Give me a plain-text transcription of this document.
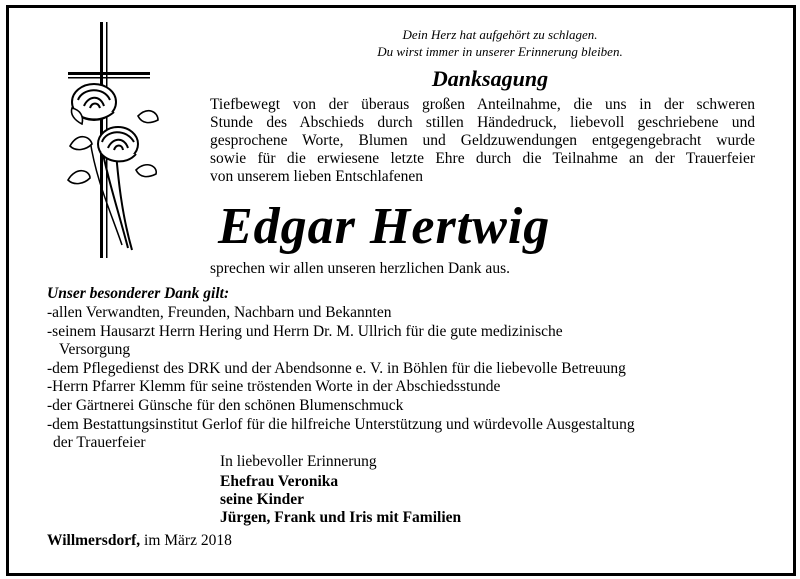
Dein Herz hat aufgehört zu schlagen.
Du wirst immer in unserer Erinnerung bleiben.
Danksagung
Tiefbewegt von der überaus großen Anteilnahme, die uns in der schweren
Stunde des Abschieds durch stillen Händedruck, liebevoll geschriebene und
gesprochene Worte, Blumen und Geldzuwendungen entgegengebracht wurde
sowie für die erwiesene letzte Ehre durch die Teilnahme an der Trauerfeier
von unserem lieben Entschlafenen
Edgar Hertwig
sprechen wir allen unseren herzlichen Dank aus.
Unser besonderer Dank gilt:
-allen Verwandten, Freunden, Nachbarn und Bekannten
-seinem Hausarzt Herrn Hering und Herrn Dr. M. Ullrich für die gute medizinische
Versorgung
-dem Pflegedienst des DRK und der Abendsonne e. V. in Böhlen für die liebevolle Betreuung
-Herrn Pfarrer Klemm für seine tröstenden Worte in der Abschiedsstunde
-der Gärtnerei Günsche für den schönen Blumenschmuck
-dem Bestattungsinstitut Gerlof für die hilfreiche Unterstützung und würdevolle Ausgestaltung
der Trauerfeier
In liebevoller Erinnerung
Ehefrau Veronika
seine Kinder
Jürgen, Frank und Iris mit Familien
Willmersdorf, im März 2018
